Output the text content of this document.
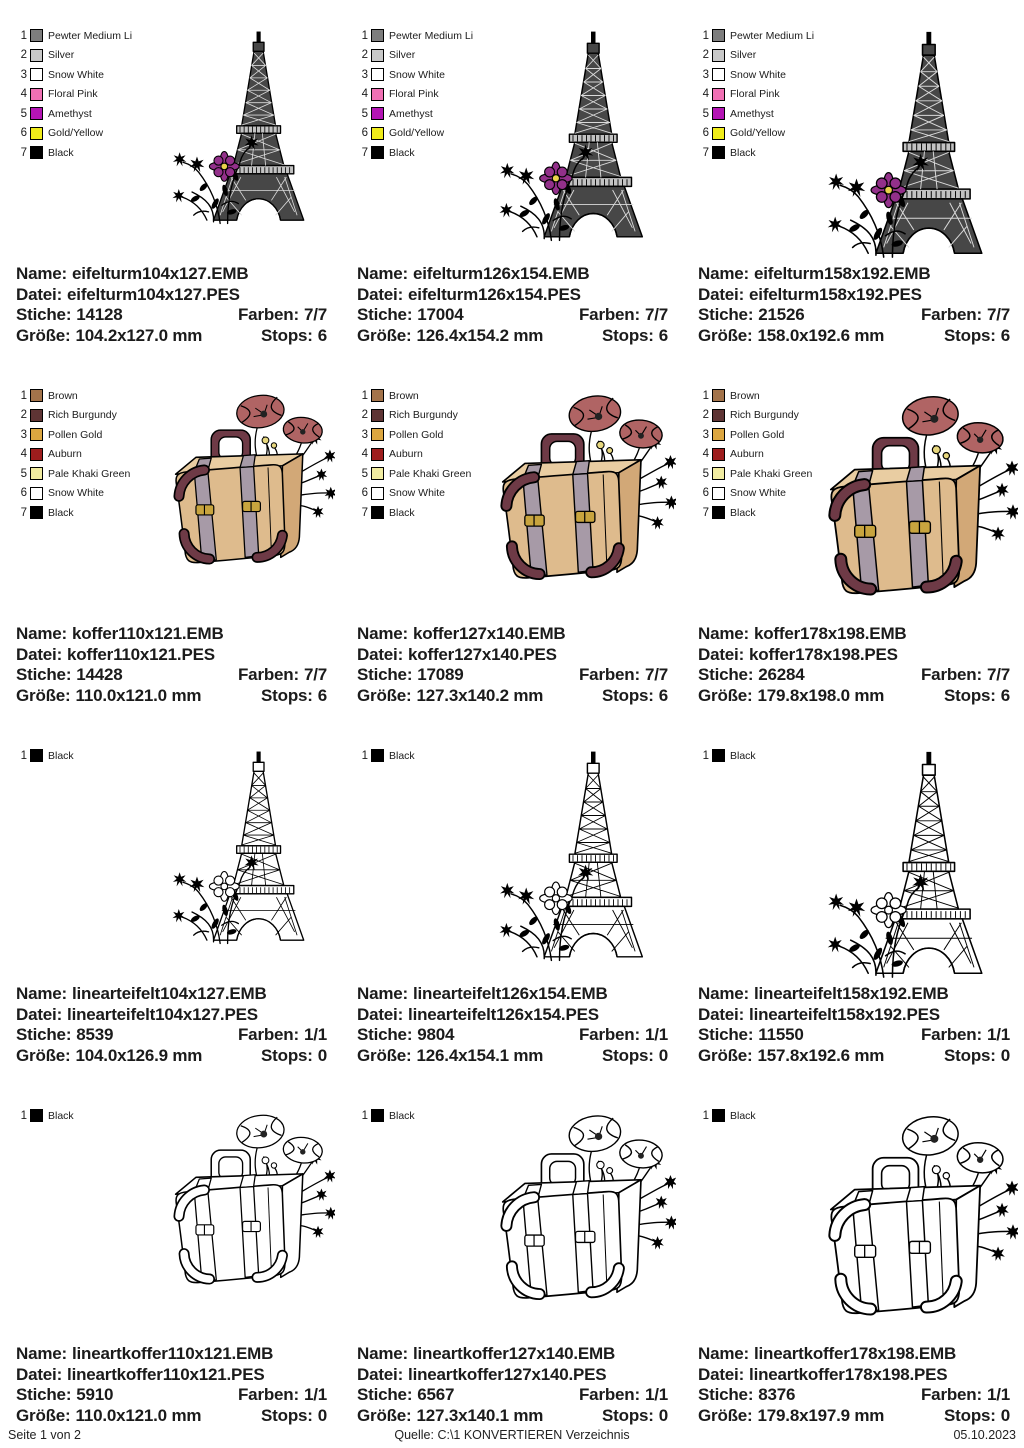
1 Pewter Medium Li
2 Silver
3 Snow White
4 Floral Pink
5 Amethyst
6 Gold/Yellow
7 Black
Name: eifelturm104x127.EMB
Datei: eifelturm104x127.PES
Stiche: 14128	Farben: 7/7
Größe: 104.2x127.0 mm	Stops: 6
1 Pewter Medium Li
2 Silver
3 Snow White
4 Floral Pink
5 Amethyst
6 Gold/Yellow
7 Black
Name: eifelturm126x154.EMB
Datei: eifelturm126x154.PES
Stiche: 17004	Farben: 7/7
Größe: 126.4x154.2 mm	Stops: 6
1 Pewter Medium Li
2 Silver
3 Snow White
4 Floral Pink
5 Amethyst
6 Gold/Yellow
7 Black
Name: eifelturm158x192.EMB
Datei: eifelturm158x192.PES
Stiche: 21526	Farben: 7/7
Größe: 158.0x192.6 mm	Stops: 6
1 Brown
2 Rich Burgundy
3 Pollen Gold
4 Auburn
5 Pale Khaki Green
6 Snow White
7 Black
Name: koffer110x121.EMB
Datei: koffer110x121.PES
Stiche: 14428	Farben: 7/7
Größe: 110.0x121.0 mm	Stops: 6
1 Brown
2 Rich Burgundy
3 Pollen Gold
4 Auburn
5 Pale Khaki Green
6 Snow White
7 Black
Name: koffer127x140.EMB
Datei: koffer127x140.PES
Stiche: 17089	Farben: 7/7
Größe: 127.3x140.2 mm	Stops: 6
1 Brown
2 Rich Burgundy
3 Pollen Gold
4 Auburn
5 Pale Khaki Green
6 Snow White
7 Black
Name: koffer178x198.EMB
Datei: koffer178x198.PES
Stiche: 26284	Farben: 7/7
Größe: 179.8x198.0 mm	Stops: 6
1 Black
Name: linearteifelt104x127.EMB
Datei: linearteifelt104x127.PES
Stiche: 8539	Farben: 1/1
Größe: 104.0x126.9 mm	Stops: 0
1 Black
Name: linearteifelt126x154.EMB
Datei: linearteifelt126x154.PES
Stiche: 9804	Farben: 1/1
Größe: 126.4x154.1 mm	Stops: 0
1 Black
Name: linearteifelt158x192.EMB
Datei: linearteifelt158x192.PES
Stiche: 11550	Farben: 1/1
Größe: 157.8x192.6 mm	Stops: 0
1 Black
Name: lineartkoffer110x121.EMB
Datei: lineartkoffer110x121.PES
Stiche: 5910	Farben: 1/1
Größe: 110.0x121.0 mm	Stops: 0
1 Black
Name: lineartkoffer127x140.EMB
Datei: lineartkoffer127x140.PES
Stiche: 6567	Farben: 1/1
Größe: 127.3x140.1 mm	Stops: 0
1 Black
Name: lineartkoffer178x198.EMB
Datei: lineartkoffer178x198.PES
Stiche: 8376	Farben: 1/1
Größe: 179.8x197.9 mm	Stops: 0
Seite 1 von 2	Quelle: C:\1 KONVERTIEREN Verzeichnis	05.10.2023
